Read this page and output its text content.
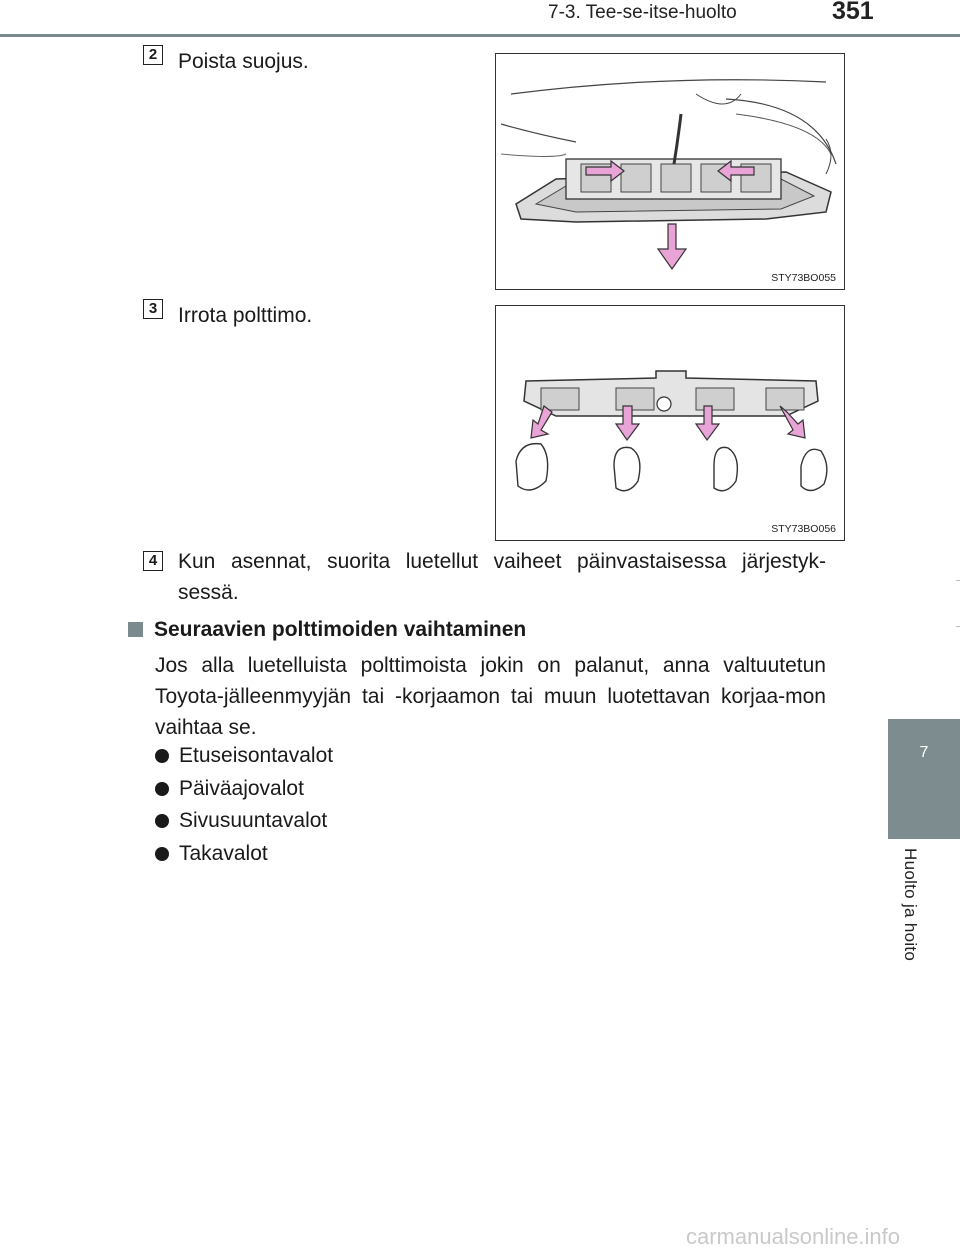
7-3. Tee-se-itse-huolto	351
7
Huolto ja hoito
2 Poista suojus.
STY73BO055
3 Irrota polttimo.
STY73BO056
4 Kun asennat, suorita luetellut vaiheet päinvastaisessa järjestyk-sessä.
Seuraavien polttimoiden vaihtaminen
Jos alla luetelluista polttimoista jokin on palanut, anna valtuutetun Toyota-jälleenmyyjän tai -korjaamon tai muun luotettavan korjaa-mon vaihtaa se.
Etuseisontavalot
Päiväajovalot
Sivusuuntavalot
Takavalot
carmanualsonline.info
